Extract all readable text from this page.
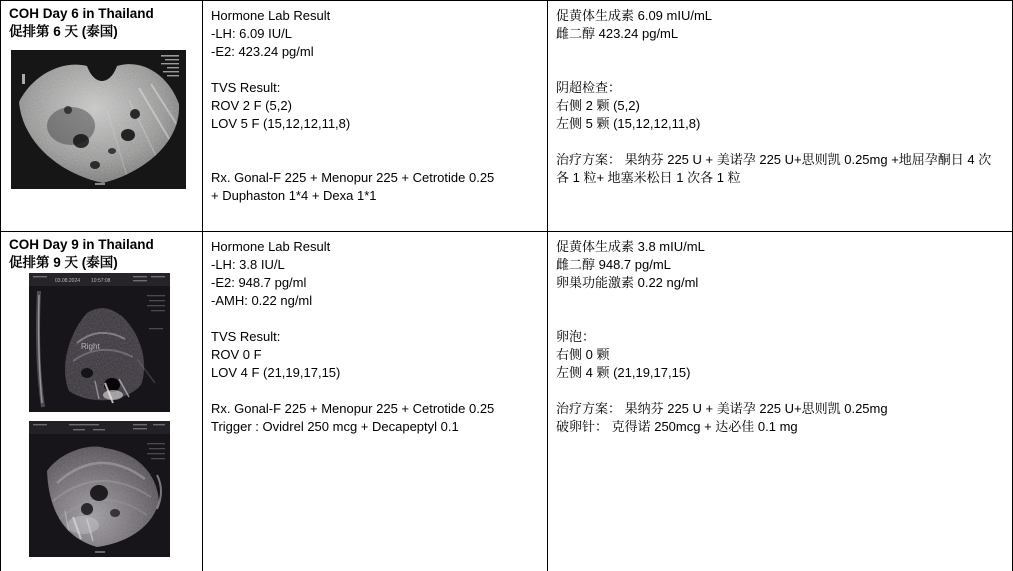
COH Day 6 in Thailand
促排第 6 天 (泰国)
Hormone Lab Result
-LH: 6.09 IU/L
-E2: 423.24 pg/ml
TVS Result:
ROV 2 F (5,2)
LOV 5 F (15,12,12,11,8)
Rx. Gonal-F 225 + Menopur 225 + Cetrotide 0.25
+ Duphaston 1*4 + Dexa 1*1
促黄体生成素 6.09 mIU/mL
雌二醇 423.24 pg/mL
阴超检查：
右侧 2 颗 (5,2)
左侧 5 颗 (15,12,12,11,8)
治疗方案： 果纳芬 225 U + 美诺孕 225 U+思则凯 0.25mg +地屈孕酮日 4 次
各 1 粒+ 地塞米松日 1 次各 1 粒
COH Day 9 in Thailand
促排第 9 天 (泰国)
03.08.2024 10:57:08
Right
Hormone Lab Result
-LH: 3.8 IU/L
-E2: 948.7 pg/ml
-AMH: 0.22 ng/ml
TVS Result:
ROV 0 F
LOV 4 F (21,19,17,15)
Rx. Gonal-F 225 + Menopur 225 + Cetrotide 0.25
Trigger : Ovidrel 250 mcg + Decapeptyl 0.1
促黄体生成素 3.8 mIU/mL
雌二醇 948.7 pg/mL
卵巣功能激素 0.22 ng/ml
卵泡：
右侧 0 颗
左侧 4 颗 (21,19,17,15)
治疗方案： 果纳芬 225 U + 美诺孕 225 U+思则凯 0.25mg
破卵针： 克得诺 250mcg + 达必佳 0.1 mg
